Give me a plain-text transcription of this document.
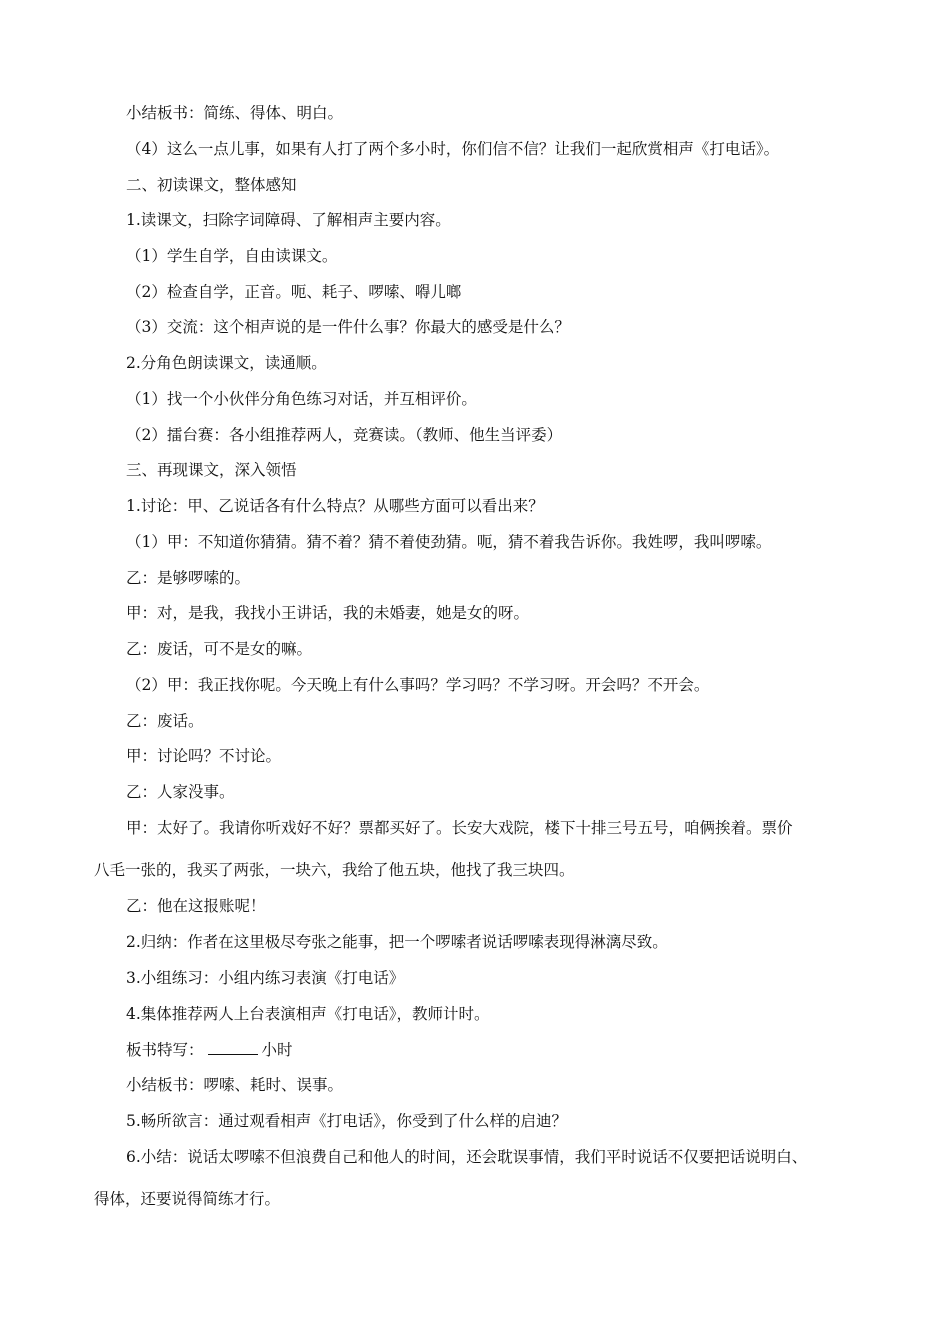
小结板书：简练、得体、明白。
（4）这么一点儿事，如果有人打了两个多小时，你们信不信？让我们一起欣赏相声《打电话》。
二、初读课文，整体感知
1.读课文，扫除字词障碍、了解相声主要内容。
（1）学生自学，自由读课文。
（2）检查自学，正音。呃、耗子、啰嗦、嘚儿啷
（3）交流：这个相声说的是一件什么事？你最大的感受是什么？
2.分角色朗读课文，读通顺。
（1）找一个小伙伴分角色练习对话，并互相评价。
（2）擂台赛：各小组推荐两人，竞赛读。（教师、他生当评委）
三、再现课文，深入领悟
1.讨论：甲、乙说话各有什么特点？从哪些方面可以看出来？
（1）甲：不知道你猜猜。猜不着？猜不着使劲猜。呃，猜不着我告诉你。我姓啰，我叫啰嗦。
乙：是够啰嗦的。
甲：对，是我，我找小王讲话，我的未婚妻，她是女的呀。
乙：废话，可不是女的嘛。
（2）甲：我正找你呢。今天晚上有什么事吗？学习吗？不学习呀。开会吗？不开会。
乙：废话。
甲：讨论吗？不讨论。
乙：人家没事。
甲：太好了。我请你听戏好不好？票都买好了。长安大戏院，楼下十排三号五号，咱俩挨着。票价
八毛一张的，我买了两张，一块六，我给了他五块，他找了我三块四。
乙：他在这报账呢！
2.归纳：作者在这里极尽夸张之能事，把一个啰嗦者说话啰嗦表现得淋漓尽致。
3.小组练习：小组内练习表演《打电话》
4.集体推荐两人上台表演相声《打电话》，教师计时。
板书特写：	小时
小结板书：啰嗦、耗时、误事。
5.畅所欲言：通过观看相声《打电话》，你受到了什么样的启迪？
6.小结：说话太啰嗦不但浪费自己和他人的时间，还会耽误事情，我们平时说话不仅要把话说明白、
得体，还要说得简练才行。
